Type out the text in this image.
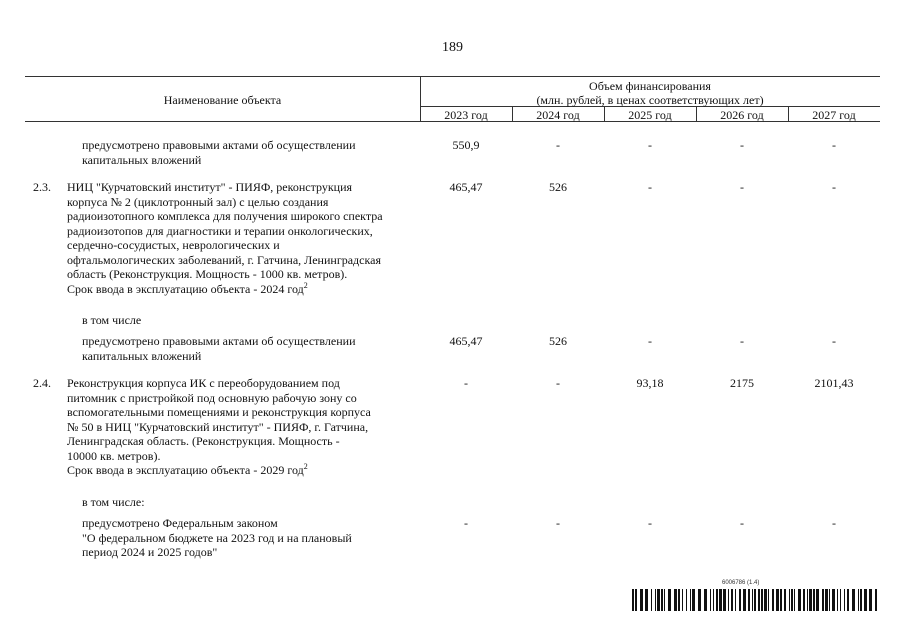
189
Наименование объекта
Объем финансирования
(млн. рублей, в ценах соответствующих лет)
2023 год	2024 год	2025 год	2026 год	2027 год
предусмотрено правовыми актами об осуществлении
капитальных вложений
550,9	-	-	-	-
2.3. НИЦ "Курчатовский институт" - ПИЯФ, реконструкция
корпуса № 2 (циклотронный зал) с целью создания
радиоизотопного комплекса для получения широкого спектра
радиоизотопов для диагностики и терапии онкологических,
сердечно-сосудистых, неврологических и
офтальмологических заболеваний, г. Гатчина, Ленинградская
область (Реконструкция. Мощность - 1000 кв. метров).
Срок ввода в эксплуатацию объекта - 2024 год$^2$
465,47	526	-	-	-
в том числе
предусмотрено правовыми актами об осуществлении
капитальных вложений
465,47	526	-	-	-
2.4. Реконструкция корпуса ИК с переоборудованием под
питомник с пристройкой под основную рабочую зону со
вспомогательными помещениями и реконструкция корпуса
№ 50 в НИЦ "Курчатовский институт" - ПИЯФ, г. Гатчина,
Ленинградская область. (Реконструкция. Мощность -
10000 кв. метров).
Срок ввода в эксплуатацию объекта - 2029 год$^2$
-	-	93,18	2175	2101,43
в том числе:
предусмотрено Федеральным законом
"О федеральном бюджете на 2023 год и на плановый
период 2024 и 2025 годов"
-	-	-	-	-
6006786 (1.4)
